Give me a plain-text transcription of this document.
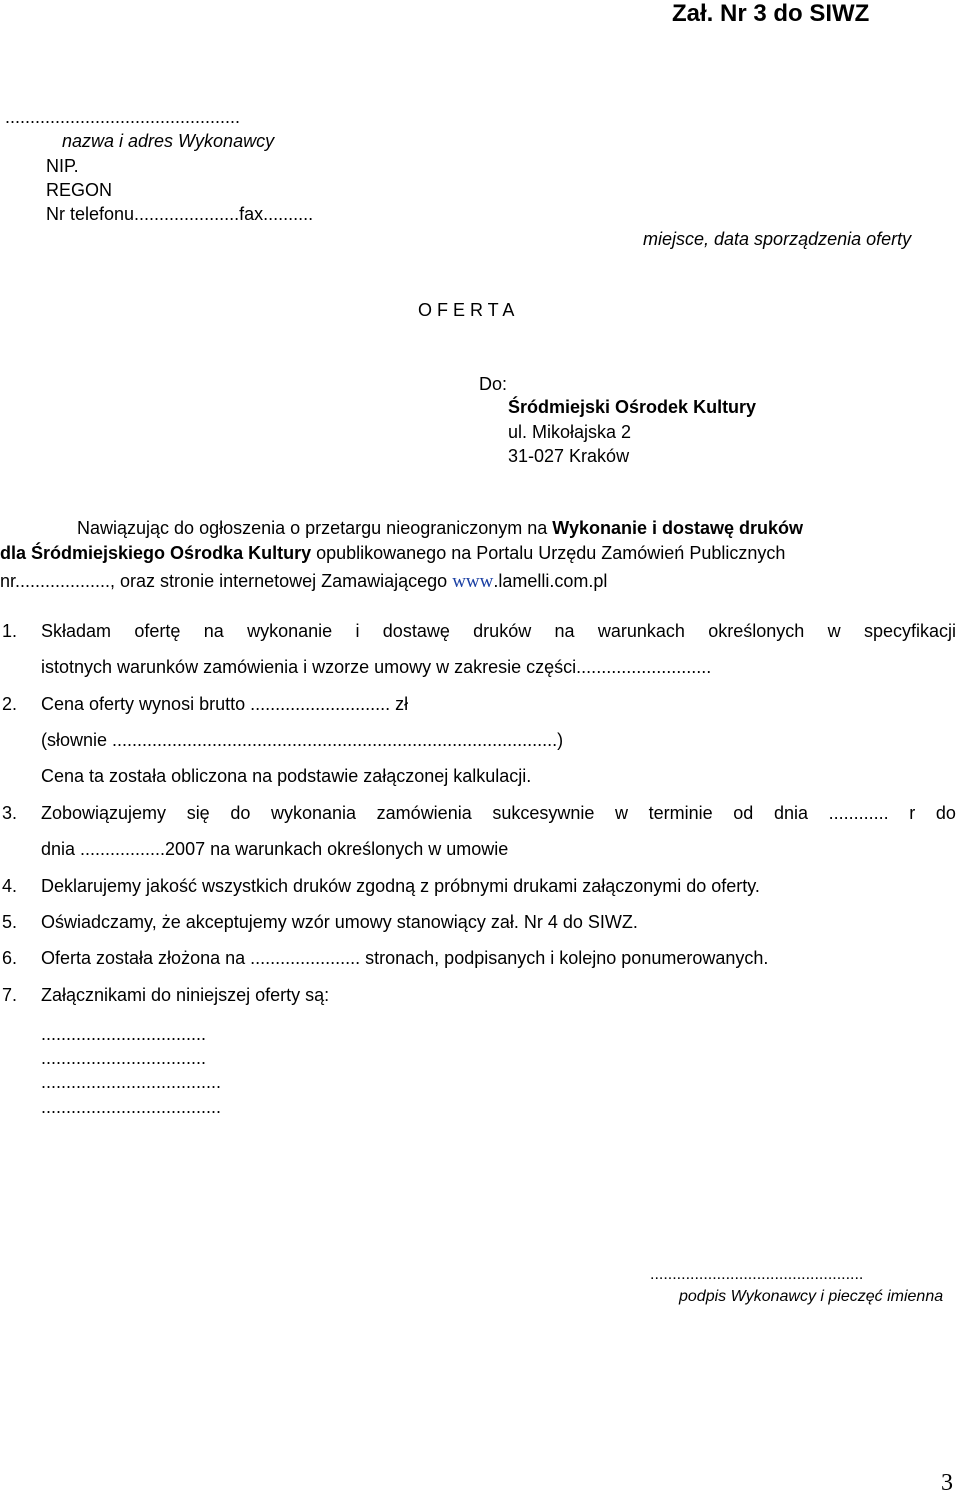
Zał. Nr 3 do SIWZ
...............................................
nazwa i adres Wykonawcy
NIP.
REGON
Nr telefonu.....................fax..........
miejsce, data sporządzenia oferty
O F E R T A
Do:
Śródmiejski Ośrodek Kultury
ul. Mikołajska 2
31-027 Kraków
Nawiązując do ogłoszenia o przetargu nieograniczonym na Wykonanie i dostawę druków
dla Śródmiejskiego Ośrodka Kultury opublikowanego na Portalu Urzędu Zamówień Publicznych
nr..................., oraz stronie internetowej Zamawiającego www.lamelli.com.pl
1. Składam ofertę na wykonanie i dostawę druków na warunkach określonych w specyfikacji
istotnych warunków zamówienia i wzorze umowy w zakresie części...........................
2. Cena oferty wynosi brutto ............................ zł
(słownie .........................................................................................)
Cena ta została obliczona na podstawie załączonej kalkulacji.
3. Zobowiązujemy się do wykonania zamówienia sukcesywnie w terminie od dnia ............ r do
dnia .................2007 na warunkach określonych w umowie
4. Deklarujemy jakość wszystkich druków zgodną z próbnymi drukami załączonymi do oferty.
5. Oświadczamy, że akceptujemy wzór umowy stanowiący zał. Nr 4 do SIWZ.
6. Oferta została złożona na ...................... stronach, podpisanych i kolejno ponumerowanych.
7. Załącznikami do niniejszej oferty są:
.................................
.................................
....................................
....................................
................................................
podpis Wykonawcy i pieczęć imienna
3
